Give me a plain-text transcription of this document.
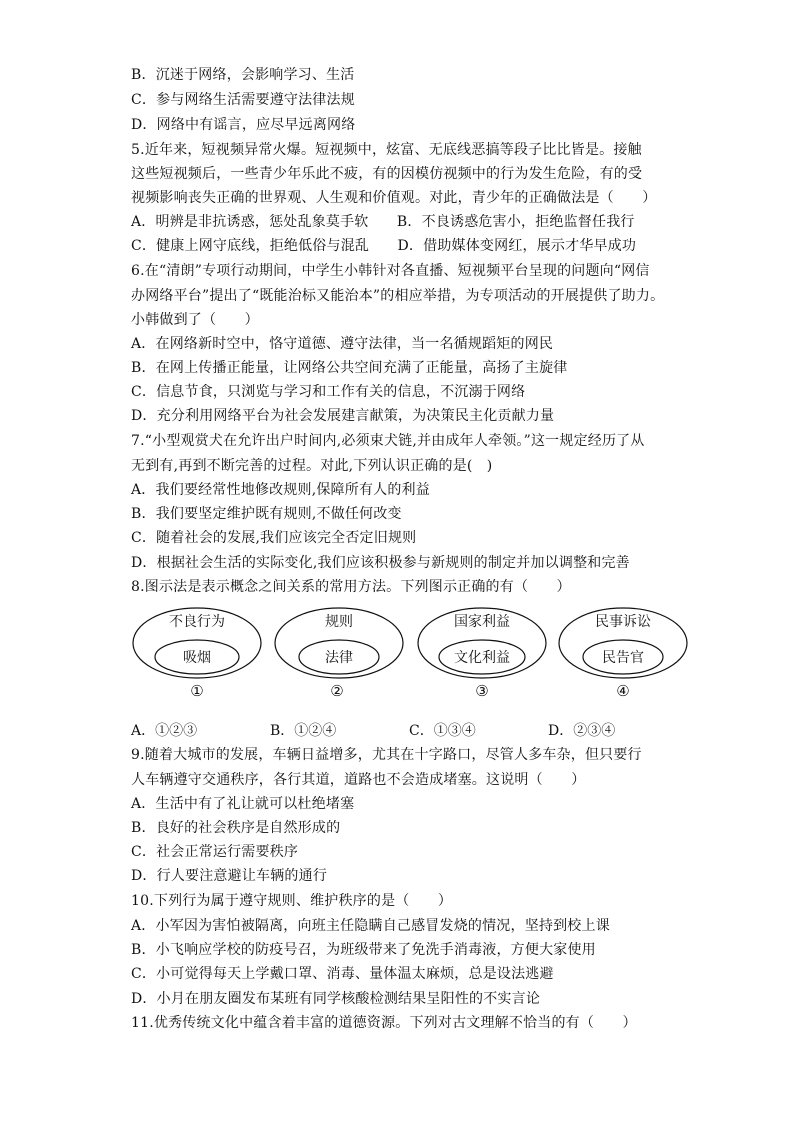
B．沉迷于网络，会影响学习、生活
C．参与网络生活需要遵守法律法规
D．网络中有谣言，应尽早远离网络
5.近年来，短视频异常火爆。短视频中，炫富、无底线恶搞等段子比比皆是。接触
这些短视频后，一些青少年乐此不疲，有的因模仿视频中的行为发生危险，有的受
视频影响丧失正确的世界观、人生观和价值观。对此，青少年的正确做法是（　　）
A．明辨是非抗诱惑，惩处乱象莫手软　　B．不良诱惑危害小，拒绝监督任我行
C．健康上网守底线，拒绝低俗与混乱　　D．借助媒体变网红，展示才华早成功
6.在“清朗”专项行动期间，中学生小韩针对各直播、短视频平台呈现的问题向“网信
办网络平台”提出了“既能治标又能治本”的相应举措，为专项活动的开展提供了助力。
小韩做到了（　　）
A．在网络新时空中，恪守道德、遵守法律，当一名循规蹈矩的网民
B．在网上传播正能量，让网络公共空间充满了正能量，高扬了主旋律
C．信息节食，只浏览与学习和工作有关的信息，不沉溺于网络
D．充分利用网络平台为社会发展建言献策，为决策民主化贡献力量
7.“小型观赏犬在允许出户时间内,必须束犬链,并由成年人牵领。”这一规定经历了从
无到有,再到不断完善的过程。对此,下列认识正确的是(　)
A．我们要经常性地修改规则,保障所有人的利益
B．我们要坚定维护既有规则,不做任何改变
C．随着社会的发展,我们应该完全否定旧规则
D．根据社会生活的实际变化,我们应该积极参与新规则的制定并加以调整和完善
8.图示法是表示概念之间关系的常用方法。下列图示正确的有（　　）
不良行为
吸烟
①
规则
法律
②
国家利益
文化利益
③
民事诉讼
民告官
④
A．①②③	B．①②④	C．①③④	D．②③④
9.随着大城市的发展，车辆日益增多，尤其在十字路口，尽管人多车杂，但只要行
人车辆遵守交通秩序，各行其道，道路也不会造成堵塞。这说明（　　）
A．生活中有了礼让就可以杜绝堵塞
B．良好的社会秩序是自然形成的
C．社会正常运行需要秩序
D．行人要注意避让车辆的通行
10.下列行为属于遵守规则、维护秩序的是（　　）
A．小军因为害怕被隔离，向班主任隐瞒自己感冒发烧的情况，坚持到校上课
B．小飞响应学校的防疫号召，为班级带来了免洗手消毒液，方便大家使用
C．小可觉得每天上学戴口罩、消毒、量体温太麻烦，总是设法逃避
D．小月在朋友圈发布某班有同学核酸检测结果呈阳性的不实言论
11.优秀传统文化中蕴含着丰富的道德资源。下列对古文理解不恰当的有（　　）
